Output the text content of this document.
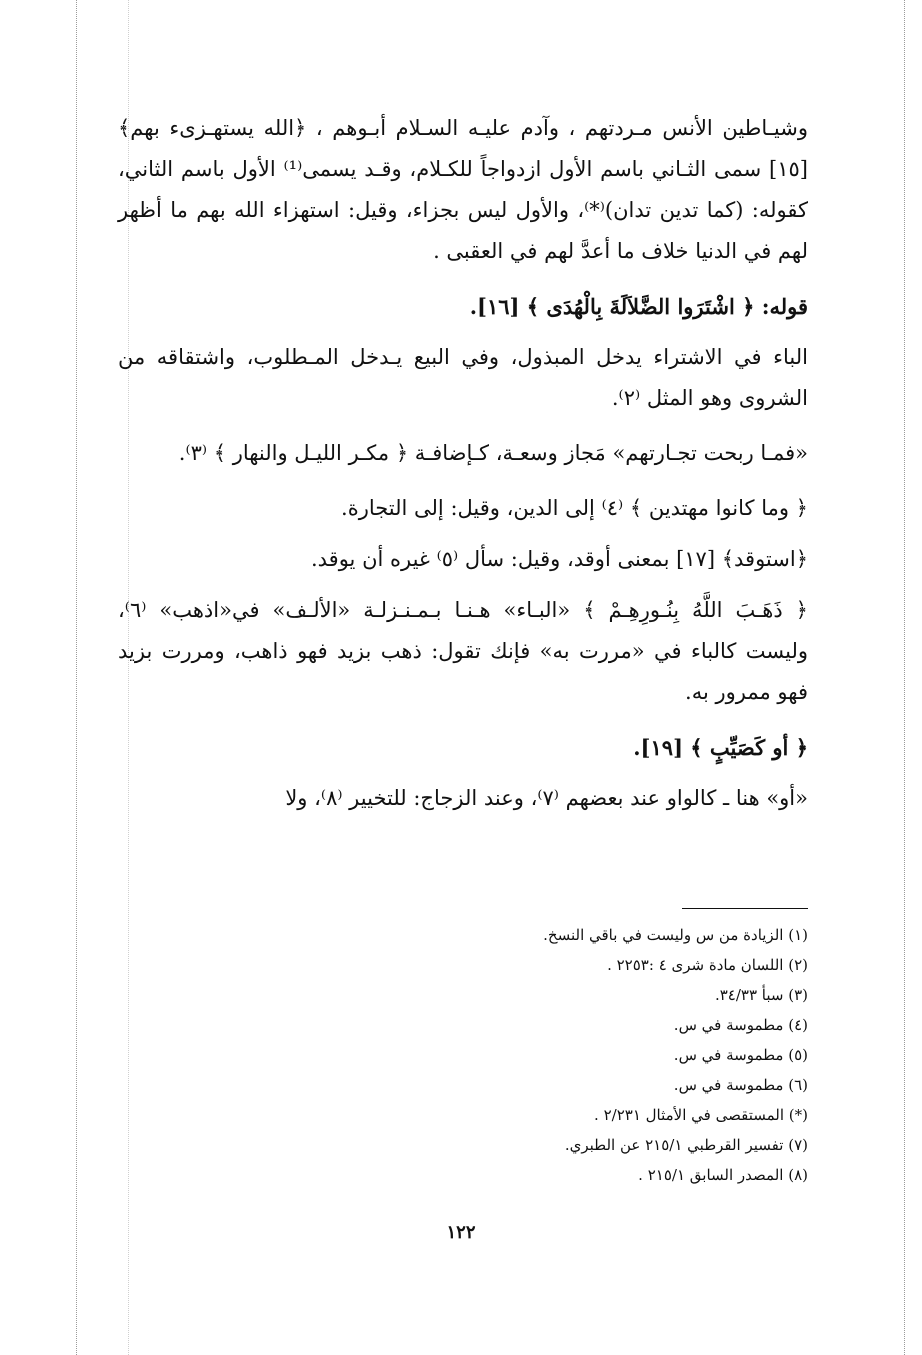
وشيـاطين الأنس مـردتهم ، وآدم عليـه السـلام أبـوهم ، ﴿الله يستهـزىء بهم﴾ [١٥] سمى الثـاني باسم الأول ازدواجاً للكـلام، وقـد يسمى⁽¹⁾ الأول باسم الثاني، كقوله: (كما تدين تدان)⁽*⁾، والأول ليس بجزاء، وقيل: استهزاء الله بهم ما أظهر لهم في الدنيا خلاف ما أعدَّ لهم في العقبى .

قوله: ﴿ اشْتَرَوا الضَّلاَلَةَ بِالْهُدَى ﴾ [١٦].

الباء في الاشتراء يدخل المبذول، وفي البيع يـدخل المـطلوب، واشتقاقه من الشروى وهو المثل ⁽٢⁾.

«فمـا ربحت تجـارتهم» مَجاز وسعـة، كـإضافـة ﴿ مكـر الليـل والنهار ﴾ ⁽٣⁾.

﴿ وما كانوا مهتدين ﴾ ⁽٤⁾ إلى الدين، وقيل: إلى التجارة.

﴿استوقد﴾ [١٧] بمعنى أوقد، وقيل: سأل ⁽٥⁾ غيره أن يوقد.

﴿ ذَهَـبَ اللَّهُ بِنُـورِهِـمْ ﴾ «البـاء» هـنـا بـمـنـزلـة «الألـف» في«اذهب» ⁽٦⁾، وليست كالباء في «مررت به» فإنك تقول: ذهب بزيد فهو ذاهب، ومررت بزيد فهو ممرور به.

﴿ أو كَصَيِّبٍ ﴾ [١٩].

«أو» هنا ـ كالواو عند بعضهم ⁽٧⁾، وعند الزجاج: للتخيير ⁽٨⁾، ولا

(١) الزيادة من س وليست في باقي النسخ.
(٢) اللسان مادة شرى ٤ :٢٢٥٣ .
(٣) سبأ ٣٤/٣٣.
(٤) مطموسة في س.
(٥) مطموسة في س.
(٦) مطموسة في س.
(*) المستقصى في الأمثال ٢/٢٣١ .
(٧) تفسير القرطبي ٢١٥/١ عن الطبري.
(٨) المصدر السابق ٢١٥/١ .
١٢٢
